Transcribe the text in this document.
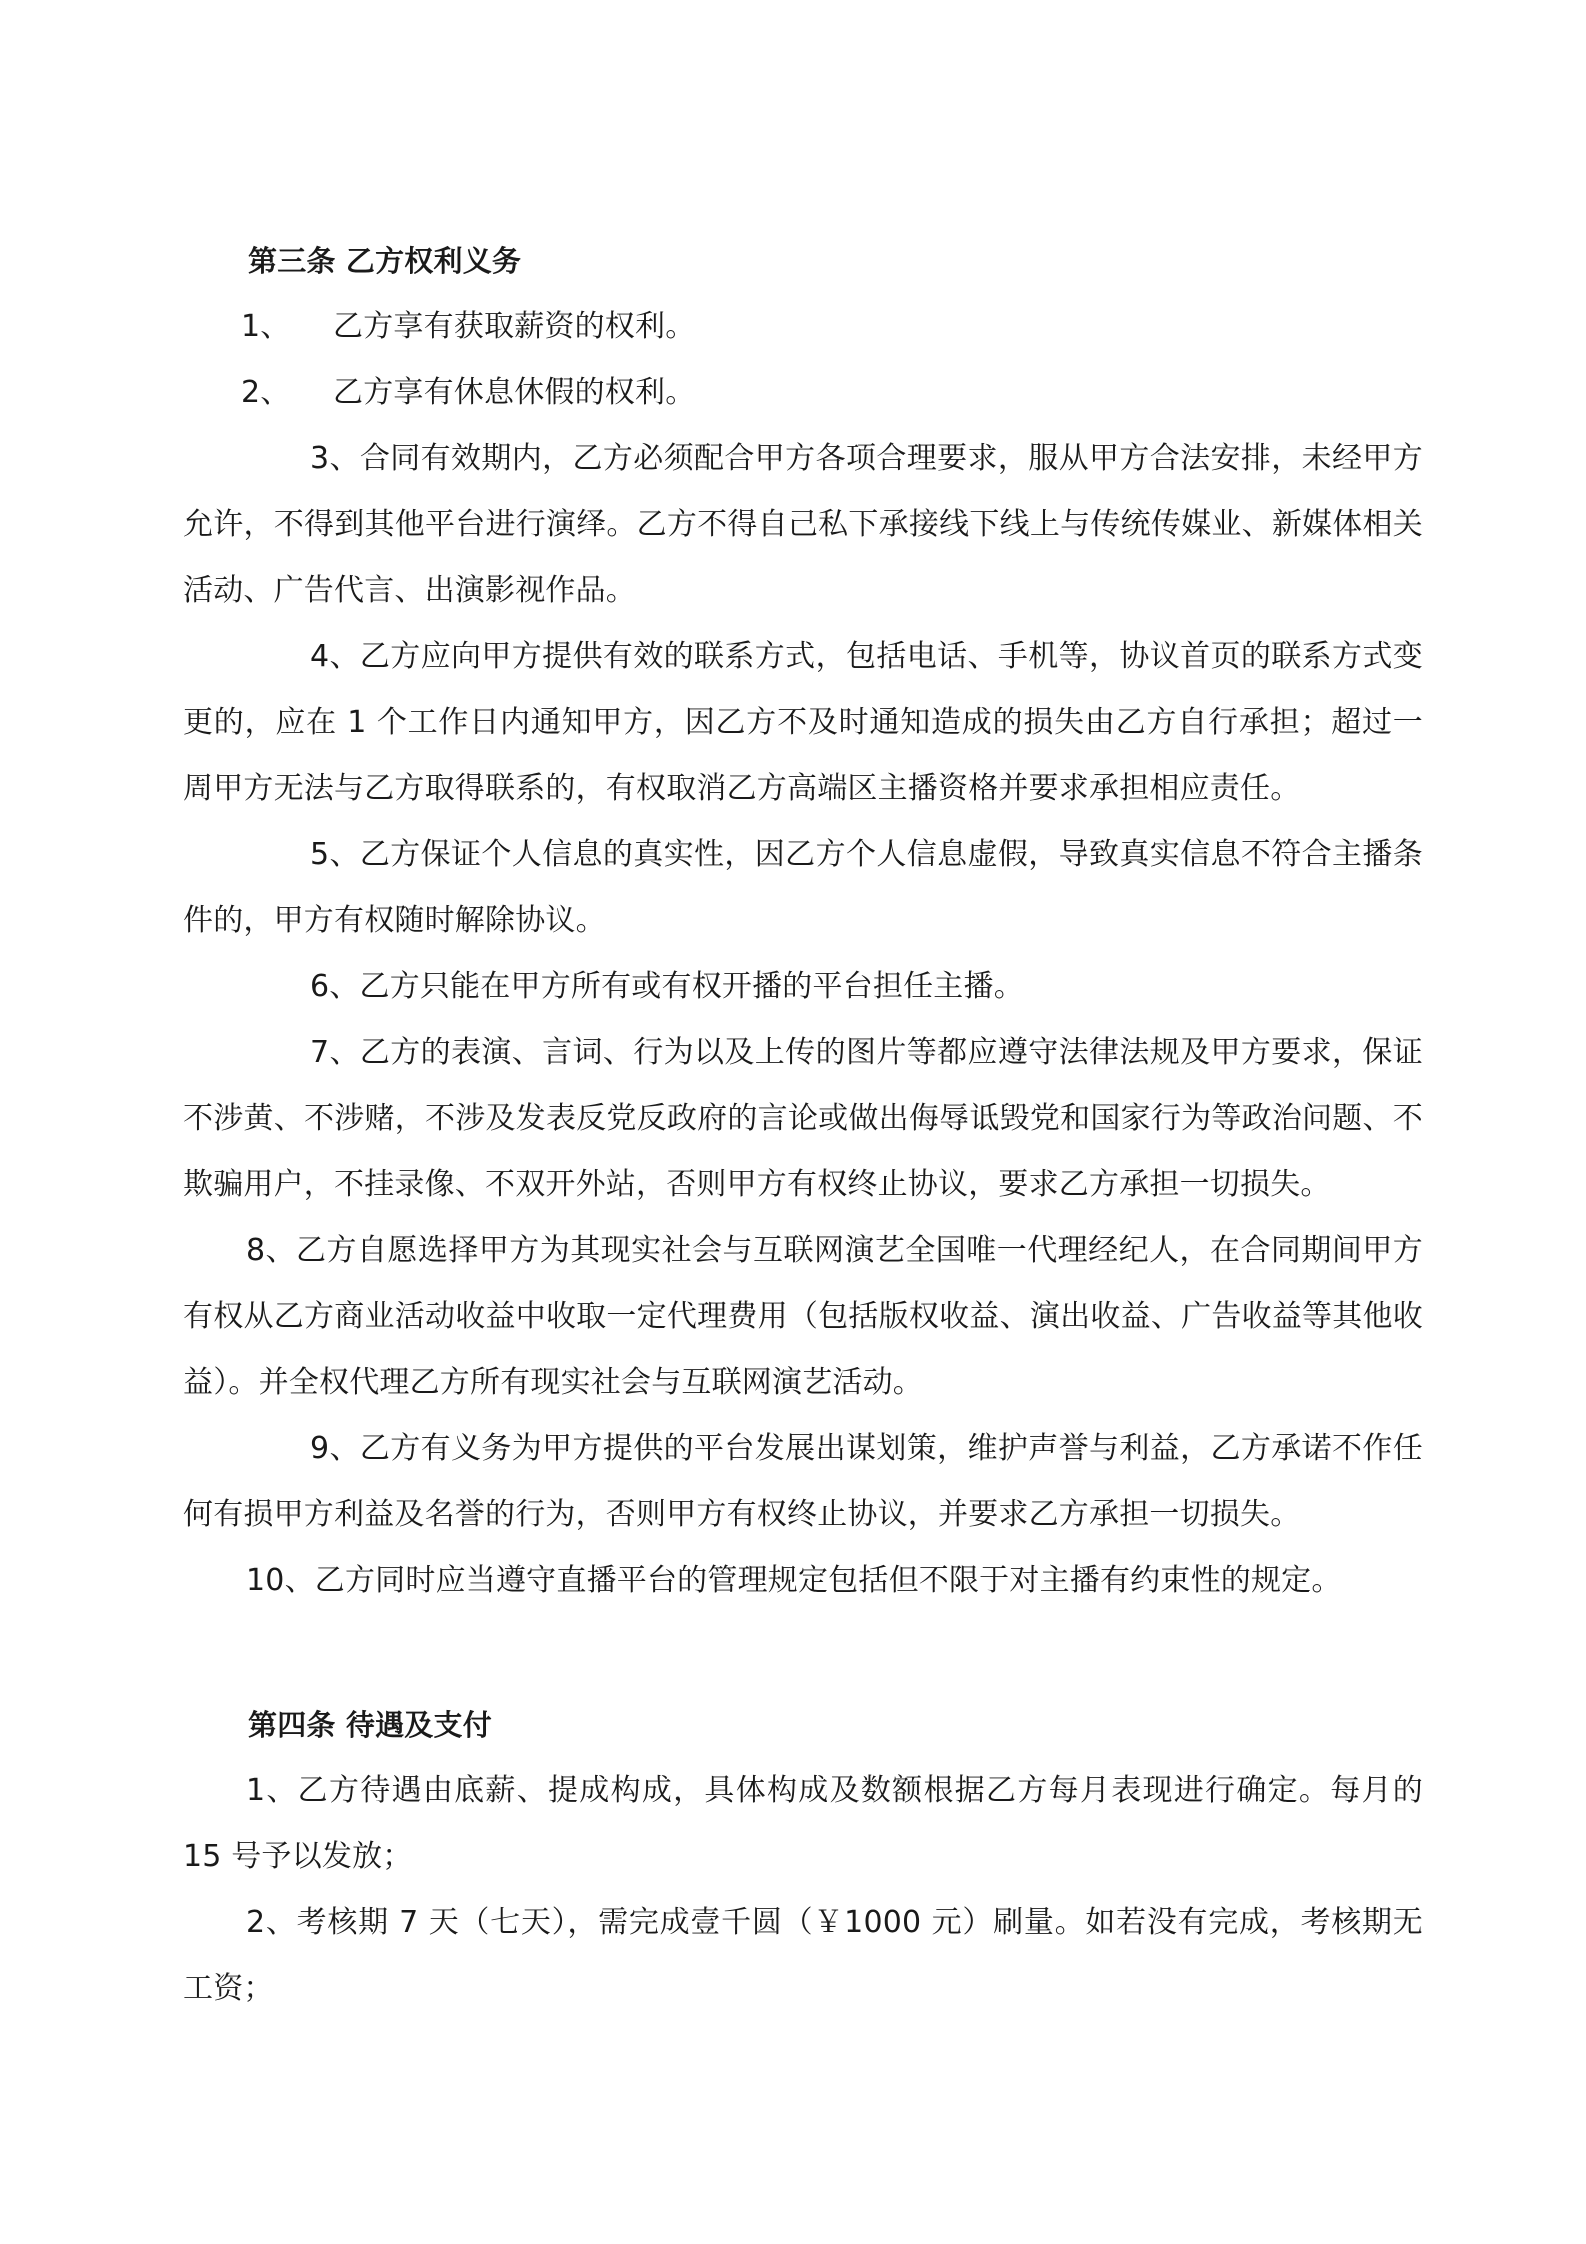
第三条 乙方权利义务

1、 乙方享有获取薪资的权利。

2、 乙方享有休息休假的权利。

3、合同有效期内，乙方必须配合甲方各项合理要求，服从甲方合法安排，未经甲方允许，不得到其他平台进行演绎。乙方不得自己私下承接线下线上与传统传媒业、新媒体相关活动、广告代言、出演影视作品。

4、乙方应向甲方提供有效的联系方式，包括电话、手机等，协议首页的联系方式变更的，应在 1 个工作日内通知甲方，因乙方不及时通知造成的损失由乙方自行承担；超过一周甲方无法与乙方取得联系的，有权取消乙方高端区主播资格并要求承担相应责任。

5、乙方保证个人信息的真实性，因乙方个人信息虚假，导致真实信息不符合主播条件的，甲方有权随时解除协议。

6、乙方只能在甲方所有或有权开播的平台担任主播。

7、乙方的表演、言词、行为以及上传的图片等都应遵守法律法规及甲方要求，保证不涉黄、不涉赌，不涉及发表反党反政府的言论或做出侮辱诋毁党和国家行为等政治问题、不欺骗用户，不挂录像、不双开外站，否则甲方有权终止协议，要求乙方承担一切损失。

8、乙方自愿选择甲方为其现实社会与互联网演艺全国唯一代理经纪人，在合同期间甲方有权从乙方商业活动收益中收取一定代理费用（包括版权收益、演出收益、广告收益等其他收益）。并全权代理乙方所有现实社会与互联网演艺活动。

9、乙方有义务为甲方提供的平台发展出谋划策，维护声誉与利益，乙方承诺不作任何有损甲方利益及名誉的行为，否则甲方有权终止协议，并要求乙方承担一切损失。

10、乙方同时应当遵守直播平台的管理规定包括但不限于对主播有约束性的规定。

第四条 待遇及支付

1、乙方待遇由底薪、提成构成，具体构成及数额根据乙方每月表现进行确定。每月的 15 号予以发放；

2、考核期 7 天（七天），需完成壹千圆（￥1000 元）刷量。如若没有完成，考核期无工资；
